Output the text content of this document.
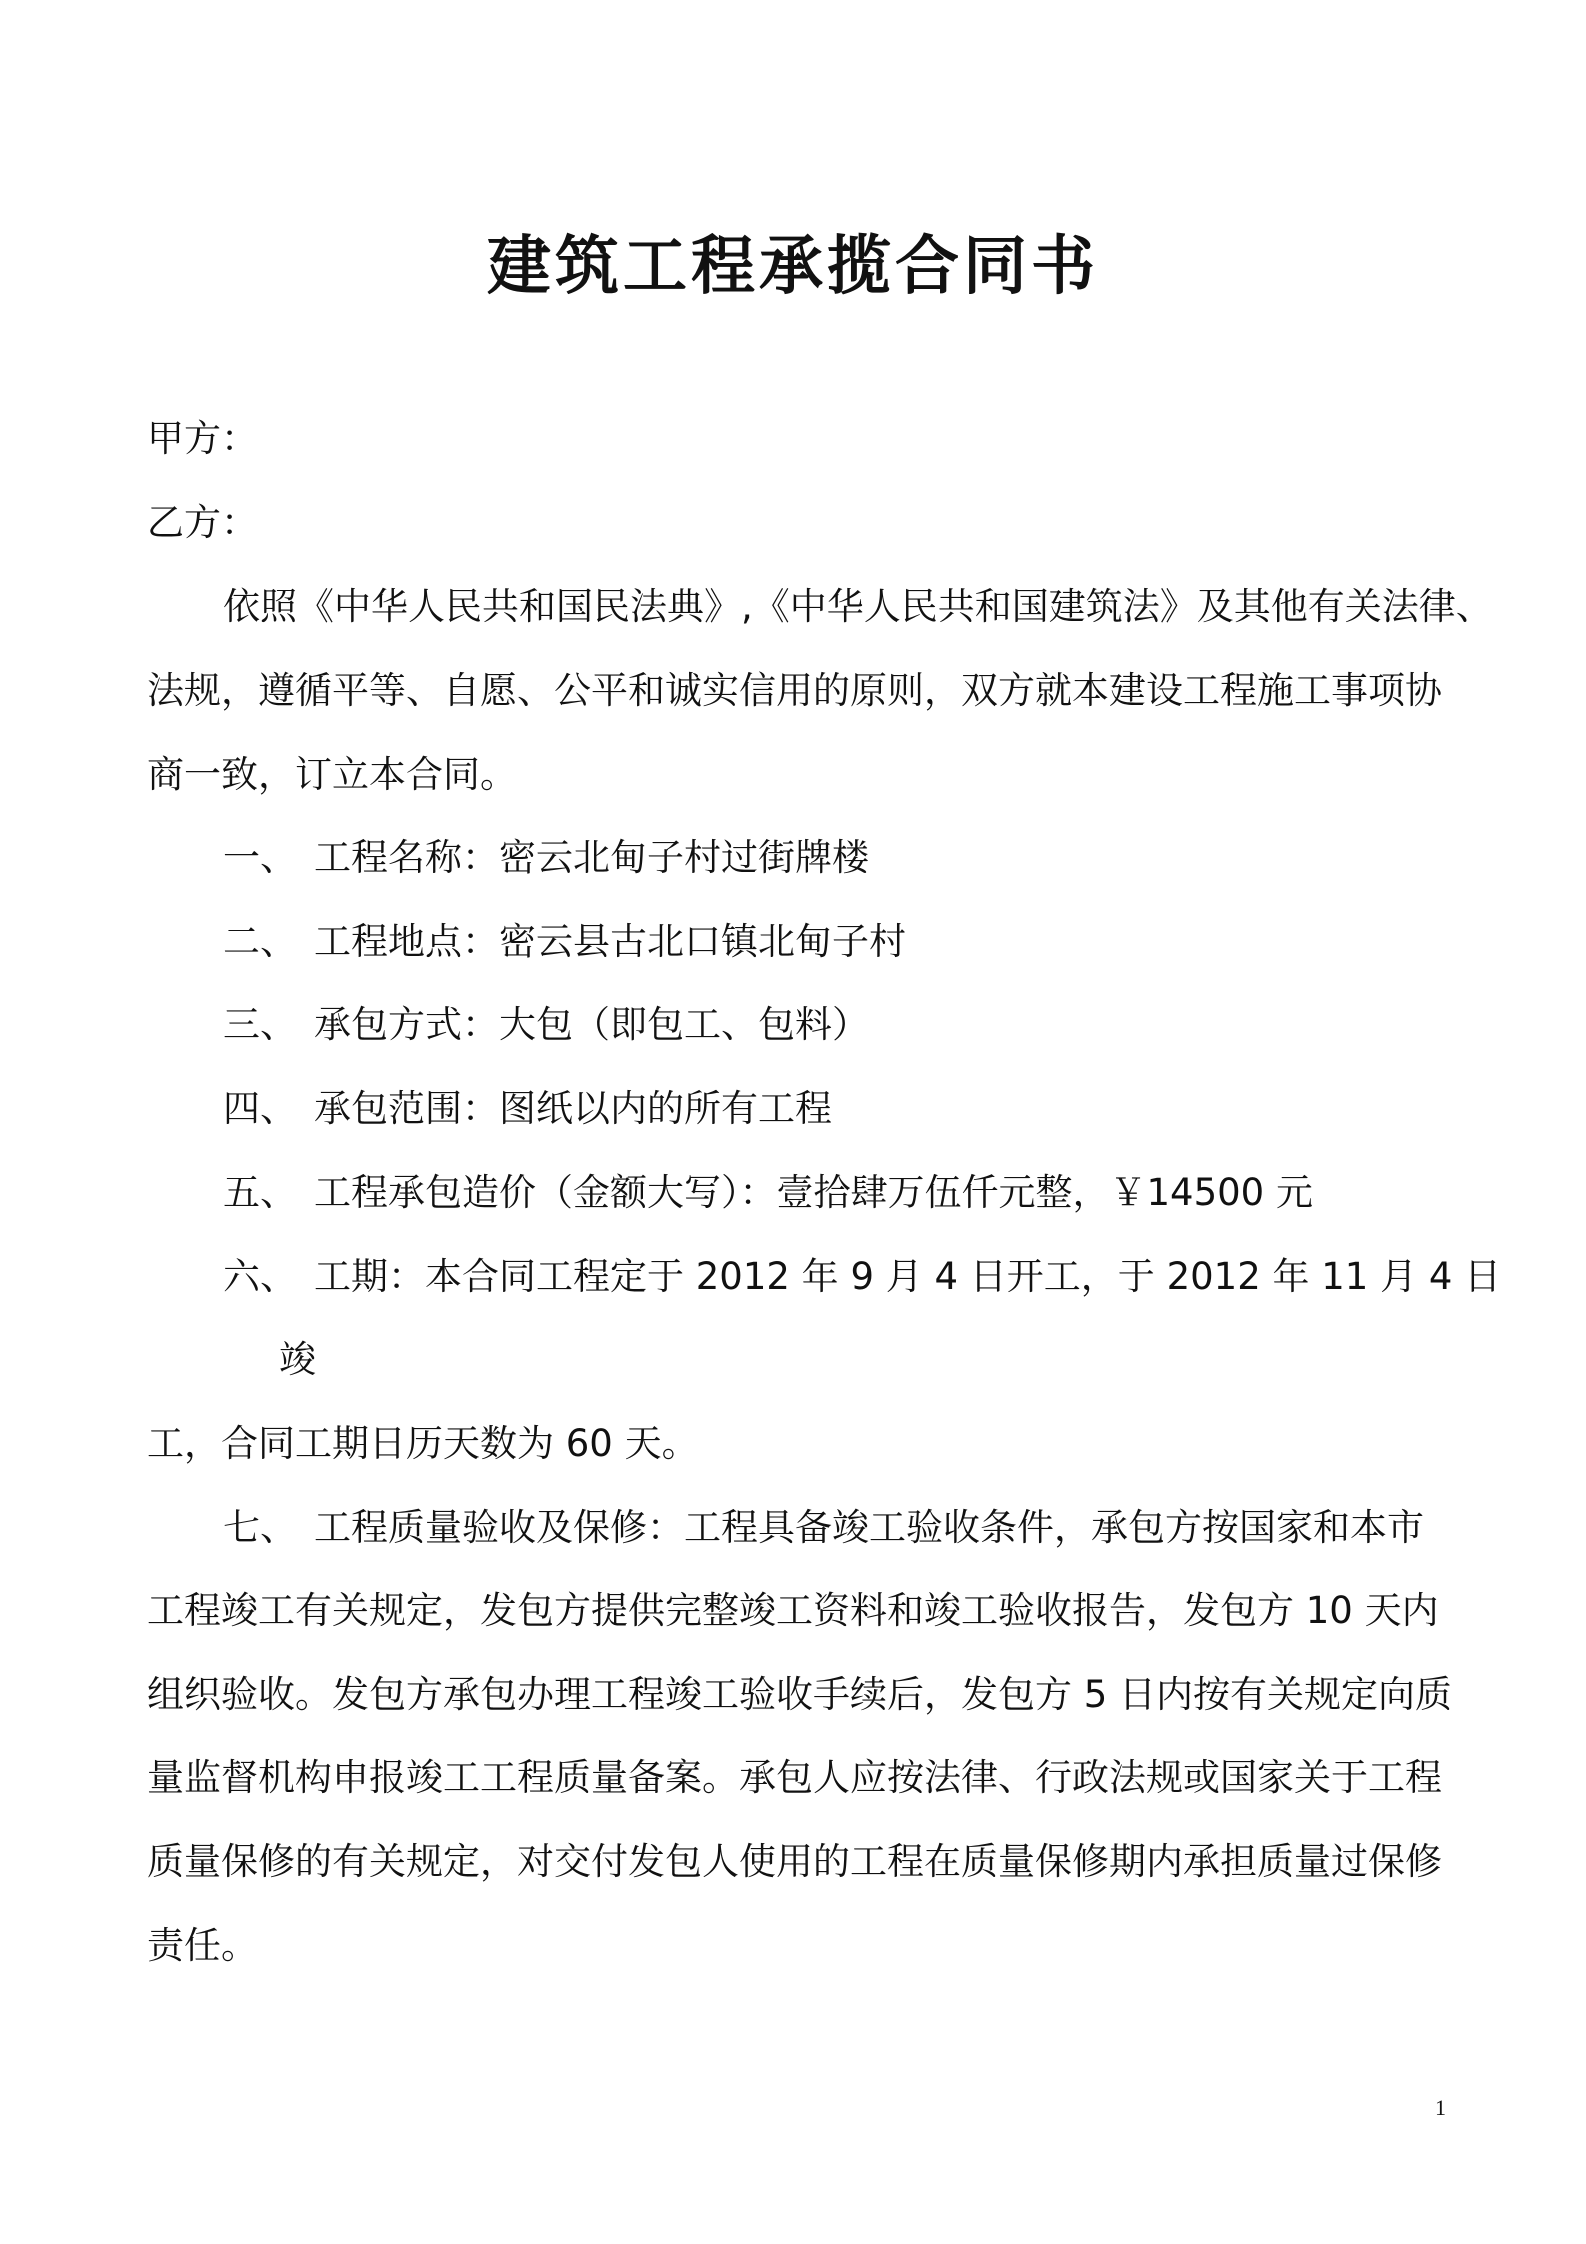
建筑工程承揽合同书
甲方：
乙方：
依照《中华人民共和国民法典》,《中华人民共和国建筑法》及其他有关法律、
法规，遵循平等、自愿、公平和诚实信用的原则，双方就本建设工程施工事项协
商一致，订立本合同。
一、 工程名称：密云北甸子村过街牌楼
二、 工程地点：密云县古北口镇北甸子村
三、 承包方式：大包（即包工、包料）
四、 承包范围：图纸以内的所有工程
五、 工程承包造价（金额大写）：壹拾肆万伍仟元整，￥14500 元
六、 工期：本合同工程定于 2012 年 9 月 4 日开工，于 2012 年 11 月 4 日
竣
工，合同工期日历天数为 60 天。
七、 工程质量验收及保修：工程具备竣工验收条件，承包方按国家和本市
工程竣工有关规定，发包方提供完整竣工资料和竣工验收报告，发包方 10 天内
组织验收。发包方承包办理工程竣工验收手续后，发包方 5 日内按有关规定向质
量监督机构申报竣工工程质量备案。承包人应按法律、行政法规或国家关于工程
质量保修的有关规定，对交付发包人使用的工程在质量保修期内承担质量过保修
责任。
1
